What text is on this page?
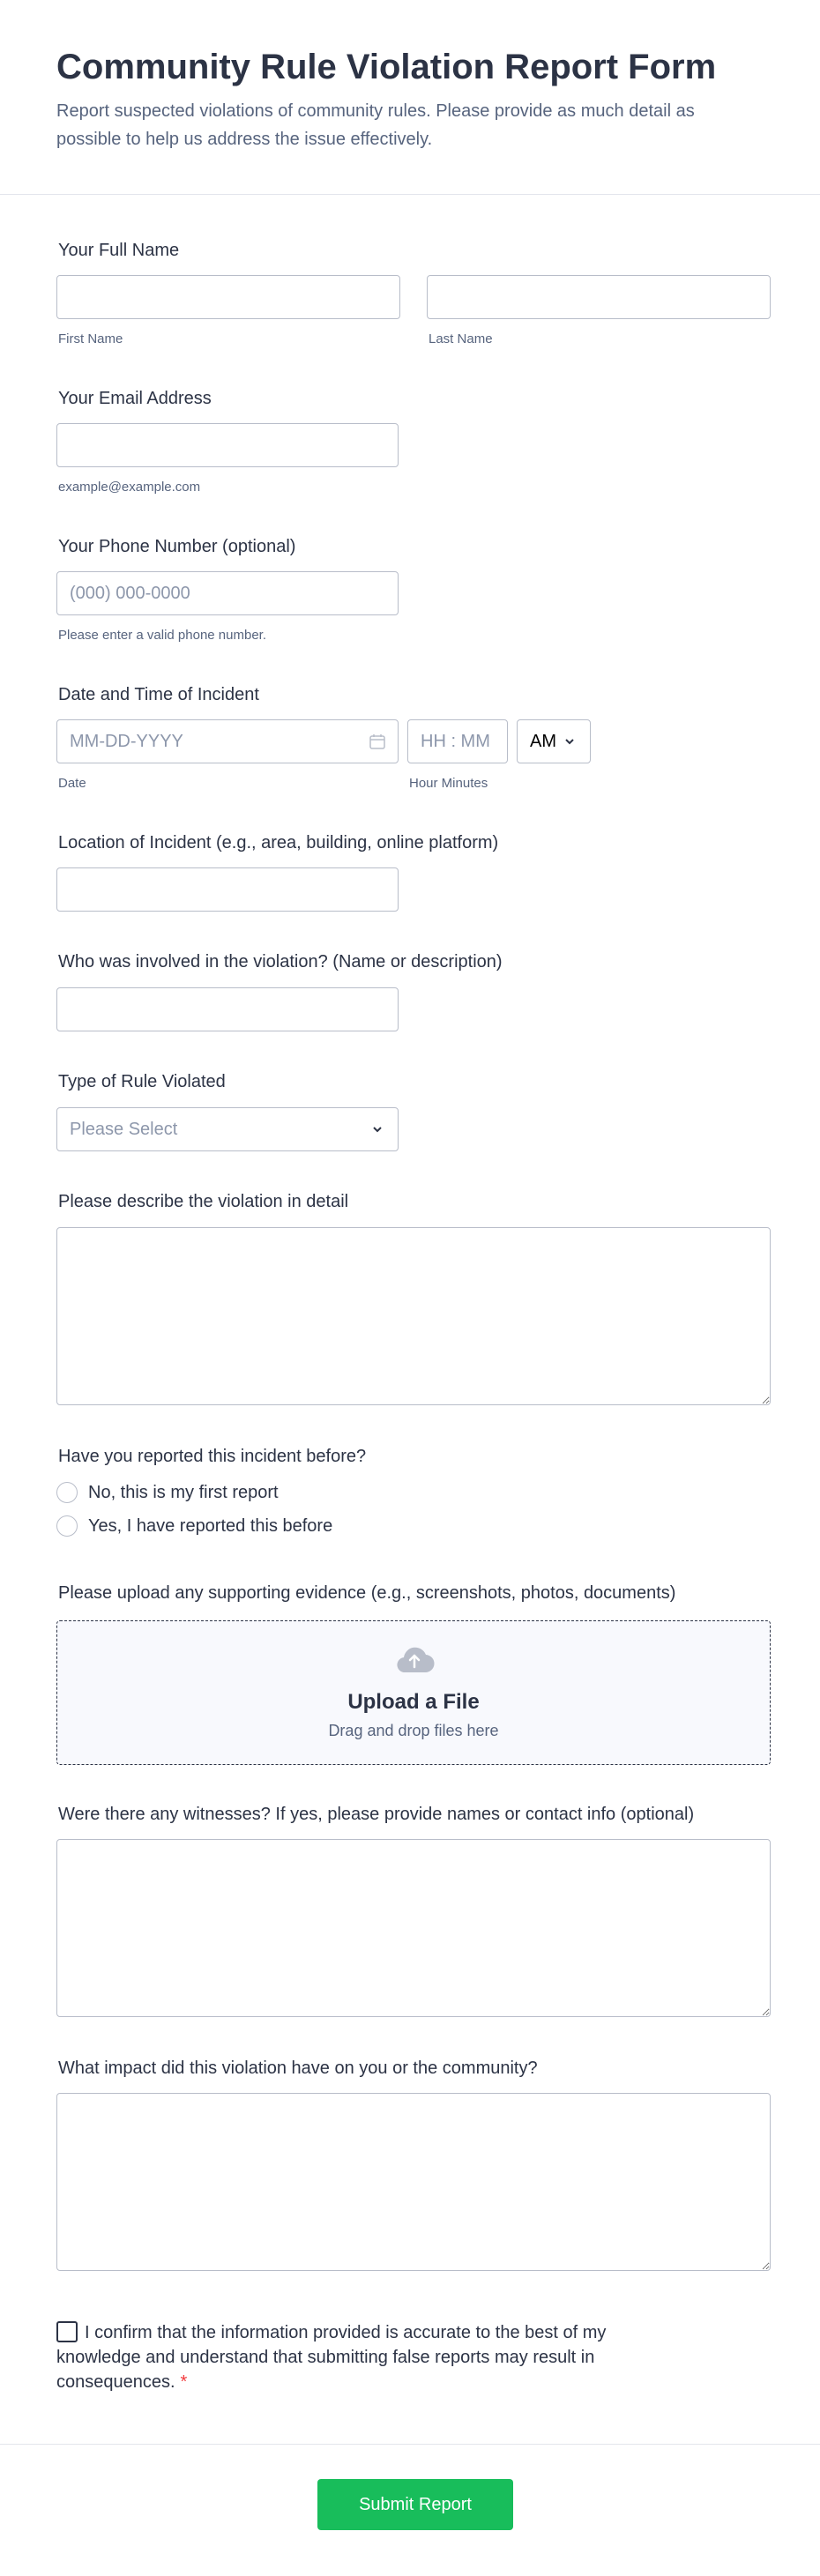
Community Rule Violation Report Form

Report suspected violations of community rules. Please provide as much detail as possible to help us address the issue effectively.

Your Full Name
First Name	Last Name
Your Email Address
example@example.com
Your Phone Number (optional)
(000) 000-0000
Please enter a valid phone number.
Date and Time of Incident
MM-DD-YYYY
HH : MM
AM
Date	Hour Minutes
Location of Incident (e.g., area, building, online platform)
Who was involved in the violation? (Name or description)
Type of Rule Violated
Please Select
Please describe the violation in detail
Have you reported this incident before?
No, this is my first report
Yes, I have reported this before
Please upload any supporting evidence (e.g., screenshots, photos, documents)
Upload a File
Drag and drop files here
Were there any witnesses? If yes, please provide names or contact info (optional)
What impact did this violation have on you or the community?
I confirm that the information provided is accurate to the best of my knowledge and understand that submitting false reports may result in consequences. *
Submit Report
